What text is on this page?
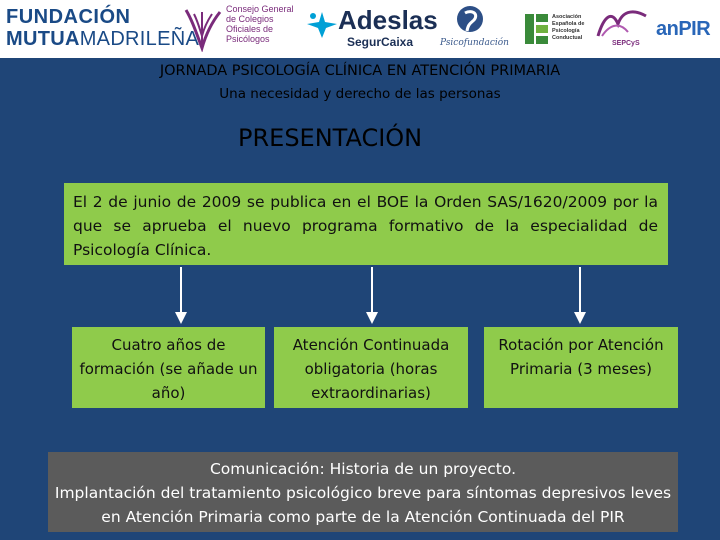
FUNDACIÓN
MUTUAMADRILEÑA
Consejo General de Colegios Oficiales de Psicólogos
Adeslas
SegurCaixa	Psicofundación
Asociación Española de Psicología Conductual
SEPCyS
anPIR
JORNADA PSICOLOGÍA CLÍNICA EN ATENCIÓN PRIMARIA
Una necesidad y derecho de las personas
PRESENTACIÓN
El 2 de junio de 2009 se publica en el BOE la Orden SAS/1620/2009 por la que se aprueba el nuevo programa formativo de la especialidad de Psicología Clínica.
Cuatro años de formación (se añade un año)
Atención Continuada obligatoria (horas extraordinarias)
Rotación por Atención Primaria (3 meses)
Comunicación: Historia de un proyecto.
Implantación del tratamiento psicológico breve para síntomas depresivos leves en Atención Primaria como parte de la Atención Continuada del PIR
